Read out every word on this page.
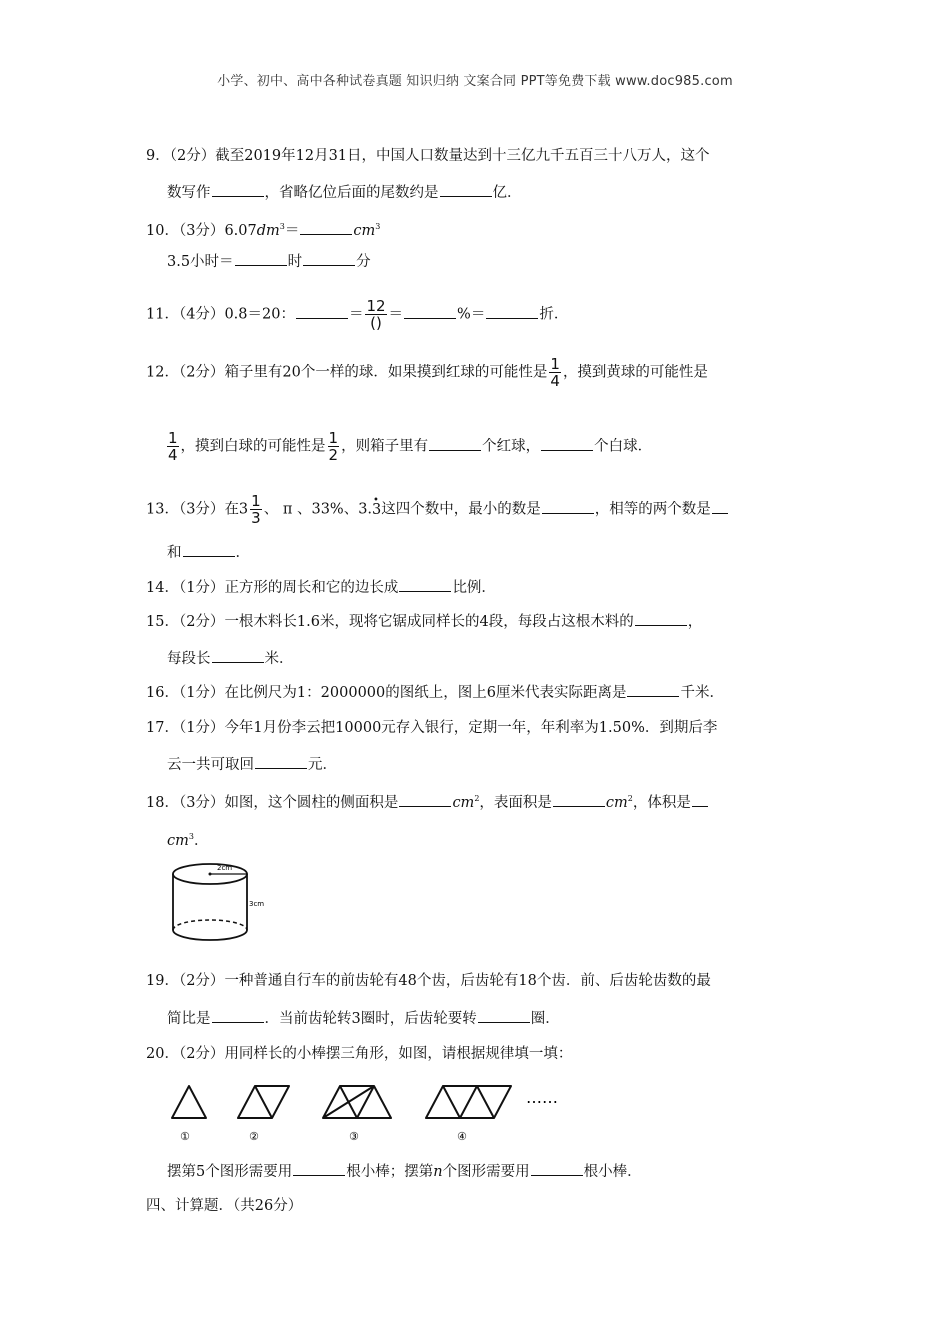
小学、初中、高中各种试卷真题 知识归纳 文案合同 PPT等免费下载 www.doc985.com
9．（2分）截至2019年12月31日，中国人口数量达到十三亿九千五百三十八万人，这个
数写作	，省略亿位后面的尾数约是	亿．
10．（3分）$6.07dm^3=$	$cm^3$
3.5小时＝	时	分
11．（4分）0.8＝20：	＝ $\frac{12}{()}$ ＝	%＝	折．
12．（2分）箱子里有20个一样的球．如果摸到红球的可能性是 $\frac{1}{4}$ ，摸到黄球的可能性是
$\frac{1}{4}$ ，摸到白球的可能性是 $\frac{1}{2}$ ，则箱子里有	个红球，	个白球．
13．（3分）在$3 \frac{1}{3}$ 、 π 、33%、3.• 3这四个数中，最小的数是	，相等的两个数是
和	．
14．（1分）正方形的周长和它的边长成	比例．
15．（2分）一根木料长1.6米，现将它锯成同样长的4段，每段占这根木料的	，
每段长	米．
16．（1分）在比例尺为1：2000000的图纸上，图上6厘米代表实际距离是	千米．
17．（1分）今年1月份李云把10000元存入银行，定期一年，年利率为1.50%．到期后李
云一共可取回	元．
18．（3分）如图，这个圆柱的侧面积是	$cm^2$，表面积是	$cm^2$，体积是
$cm^3$．
2cm
3cm
19．（2分）一种普通自行车的前齿轮有48个齿，后齿轮有18个齿．前、后齿轮齿数的最
简比是	．当前齿轮转3圈时，后齿轮要转	圈．
20．（2分）用同样长的小棒摆三角形，如图，请根据规律填一填：
……
①	②	③	④
摆第5个图形需要用	根小棒；摆第n个图形需要用	根小棒．
四、计算题．（共26分）
